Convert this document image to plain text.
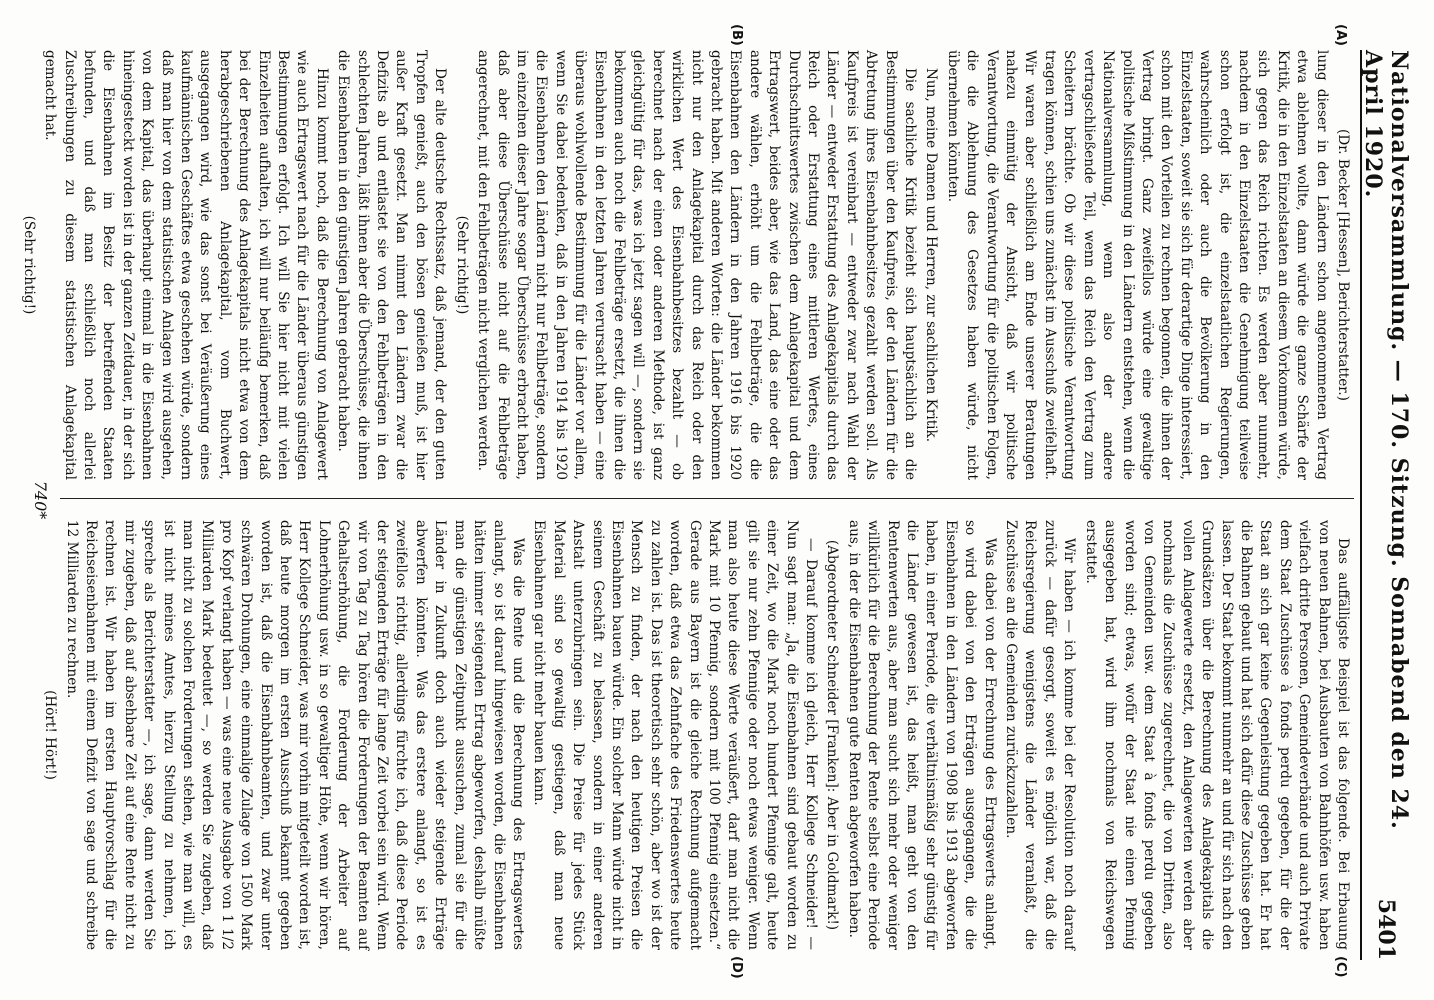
Nationalversammlung. — 170. Sitzung. Sonnabend den 24. April 1920.
5401
(A)
(B)
(C)
(D)

(Dr. Becker [Hessen], Berichterstatter.)

lung dieser in den Ländern schon angenommenen Vertrag etwa ablehnen wollte, dann würde die ganze Schärfe der Kritik, die in den Einzelstaaten an diesem Vorkommen würde, sich gegen das Reich richten. Es werden aber nunmehr, nachdem in den Einzelstaaten die Genehmigung teilweise schon erfolgt ist, die einzelstaatlichen Regierungen, wahrscheinlich oder auch die Bevölkerung in den Einzelstaaten, soweit sie sich für derartige Dinge interessiert, schon mit den Vorteilen zu rechnen begonnen, die ihnen der Vertrag bringt. Ganz zweifellos würde eine gewaltige politische Mißstimmung in den Ländern entstehen, wenn die Nationalversammlung, wenn also der andere vertragschließende Teil, wenn das Reich den Vertrag zum Scheitern brächte. Ob wir diese politische Verantwortung tragen können, schien uns zunächst im Ausschuß zweifelhaft. Wir waren aber schließlich am Ende unserer Beratungen nahezu einmütig der Ansicht, daß wir politische Verantwortung, die Verantwortung für die politischen Folgen, die die Ablehnung des Gesetzes haben würde, nicht übernehmen könnten.

Nun, meine Damen und Herren, zur sachlichen Kritik.

Die sachliche Kritik bezieht sich hauptsächlich an die Bestimmungen über den Kaufpreis, der den Ländern für die Abtretung ihres Eisenbahnbesitzes gezahlt werden soll. Als Kaufpreis ist vereinbart — entweder zwar nach Wahl der Länder — entweder Erstattung des Anlagekapitals durch das Reich oder Erstattung eines mittleren Wertes, eines Durchschnittswertes zwischen dem Anlagekapital und dem Ertragswert, beides aber, wie das Land, das eine oder das andere wählen, erhöht um die Fehlbeträge, die die Eisenbahnen den Ländern in den Jahren 1916 bis 1920 gebracht haben. Mit anderen Worten: die Länder bekommen nicht nur den Anlagekapital durch das Reich oder den wirklichen Wert des Eisenbahnbesitzes bezahlt — ob berechnet nach der einen oder anderen Methode, ist ganz gleichgültig für das, was ich jetzt sagen will —, sondern sie bekommen auch noch die Fehlbeträge ersetzt, die ihnen die Eisenbahnen in den letzten Jahren verursacht haben — eine überaus wohlwollende Bestimmung für die Länder vor allem, wenn Sie dabei bedenken, daß in den Jahren 1914 bis 1920 die Eisenbahnen den Ländern nicht nur Fehlbeträge, sondern im einzelnen dieser Jahre sogar Überschüsse erbracht haben, daß aber diese Überschüsse nicht auf die Fehlbeträge angerechnet, mit den Fehlbeträgen nicht verglichen werden.

(Sehr richtig!)

Der alte deutsche Rechtssatz, daß jemand, der den guten Tropfen genießt, auch den bösen genießen muß, ist hier außer Kraft gesetzt. Man nimmt den Ländern zwar die Defizits ab und entlastet sie von den Fehlbeträgen in den schlechten Jahren, läßt ihnen aber die Überschüsse, die ihnen die Eisenbahnen in den günstigen Jahren gebracht haben.

Hinzu kommt noch, daß die Berechnung von Anlagewert wie auch Ertragswert nach für die Länder überaus günstigen Bestimmungen erfolgt. Ich will Sie hier nicht mit vielen Einzelheiten aufhalten, ich will nur beiläufig bemerken, daß bei der Berechnung des Anlagekapitals nicht etwa von dem herabgeschriebenen Anlagekapital, vom Buchwert, ausgegangen wird, wie das sonst bei Veräußerung eines kaufmännischen Geschäftes etwa geschehen würde, sondern daß man hier von dem statistischen Anlagen wird ausgehen, von dem Kapital, das überhaupt einmal in die Eisenbahnen hineingesteckt worden ist in der ganzen Zeitdauer, in der sich die Eisenbahnen im Besitz der betreffenden Staaten befunden, und daß man schließlich noch allerlei Zuschreibungen zu diesem statistischen Anlagekapital gemacht hat.

(Sehr richtig!)

Das auffälligste Beispiel ist das folgende. Bei Erbauung von neuen Bahnen, bei Ausbauten von Bahnhöfen usw. haben vielfach dritte Personen, Gemeindeverbände und auch Private dem Staat Zuschüsse à fonds perdu gegeben, für die der Staat an sich gar keine Gegenleistung gegeben hat. Er hat die Bahnen gebaut und hat sich dafür diese Zuschüsse geben lassen. Der Staat bekommt nunmehr an und für sich nach den Grundsätzen über die Berechnung des Anlagekapitals die vollen Anlagewerte ersetzt, den Anlagewerten werden aber nochmals die Zuschüsse zugerechnet, die von Dritten, also von Gemeinden usw. dem Staat à fonds perdu gegeben worden sind; etwas, wofür der Staat nie einen Pfennig ausgegeben hat, wird ihm nochmals von Reichswegen erstattet.

Wir haben — ich komme bei der Resolution noch darauf zurück — dafür gesorgt, soweit es möglich war, daß die Reichsregierung wenigstens die Länder veranlaßt, die Zuschüsse an die Gemeinden zurückzuzahlen.

Was dabei von der Errechnung des Ertragswerts anlangt, so wird dabei von den Erträgen ausgegangen, die die Eisenbahnen in den Ländern von 1908 bis 1913 abgeworfen haben, in einer Periode, die verhältnismäßig sehr günstig für die Länder gewesen ist, das heißt, man geht von den Rentenwerten aus, aber man sucht sich mehr oder weniger willkürlich für die Berechnung der Rente selbst eine Periode aus, in der die Eisenbahnen gute Renten abgeworfen haben.

(Abgeordneter Schneider [Franken]: Aber in Goldmark!)

— Darauf komme ich gleich, Herr Kollege Schneider! — Nun sagt man: „Ja, die Eisenbahnen sind gebaut worden zu einer Zeit, wo die Mark noch hundert Pfennige galt, heute gilt sie nur zehn Pfennige oder noch etwas weniger. Wenn man also heute diese Werte veräußert, darf man nicht die Mark mit 10 Pfennig, sondern mit 100 Pfennig einsetzen.“ Gerade aus Bayern ist die gleiche Rechnung aufgemacht worden, daß etwa das Zehnfache des Friedenswertes heute zu zahlen ist. Das ist theoretisch sehr schön, aber wo ist der Mensch zu finden, der nach den heutigen Preisen die Eisenbahnen bauen würde. Ein solcher Mann würde nicht in seinem Geschäft zu belassen, sondern in einer anderen Anstalt unterzubringen sein. Die Preise für jedes Stück Material sind so gewaltig gestiegen, daß man neue Eisenbahnen gar nicht mehr bauen kann.

Was die Rente und die Berechnung des Ertragswertes anlangt, so ist darauf hingewiesen worden, die Eisenbahnen hätten immer steigenden Ertrag abgeworfen, deshalb müßte man die günstigen Zeitpunkt aussuchen, zumal sie für die Länder in Zukunft doch auch wieder steigende Erträge abwerfen könnten. Was das erstere anlangt, so ist es zweifellos richtig, allerdings fürchte ich, daß diese Periode der steigenden Erträge für lange Zeit vorbei sein wird. Wenn wir von Tag zu Tag hören die Forderungen der Beamten auf Gehaltserhöhung, die Forderung der Arbeiter auf Lohnerhöhung usw. in so gewaltiger Höhe, wenn wir hören, Herr Kollege Schneider, was mir vorhin mitgeteilt worden ist, daß heute morgen im ersten Ausschuß bekannt gegeben worden ist, daß die Eisenbahnbeamten, und zwar unter schwären Drohungen, eine einmalige Zulage von 1500 Mark pro Kopf verlangt haben — was eine neue Ausgabe von 1 1/2 Milliarden Mark bedeutet —, so werden Sie zugeben, daß man nicht zu solchen Forderungen stehen, wie man will, es ist nicht meines Amtes, hierzu Stellung zu nehmen, ich spreche als Berichterstatter —, ich sage, dann werden Sie mir zugeben, daß auf absehbare Zeit auf eine Rente nicht zu rechnen ist. Wir haben im ersten Hauptvorschlag für die Reichseisenbahnen mit einem Defizit von sage und schreibe 12 Milliarden zu rechnen.

(Hört! Hört!)

740*
